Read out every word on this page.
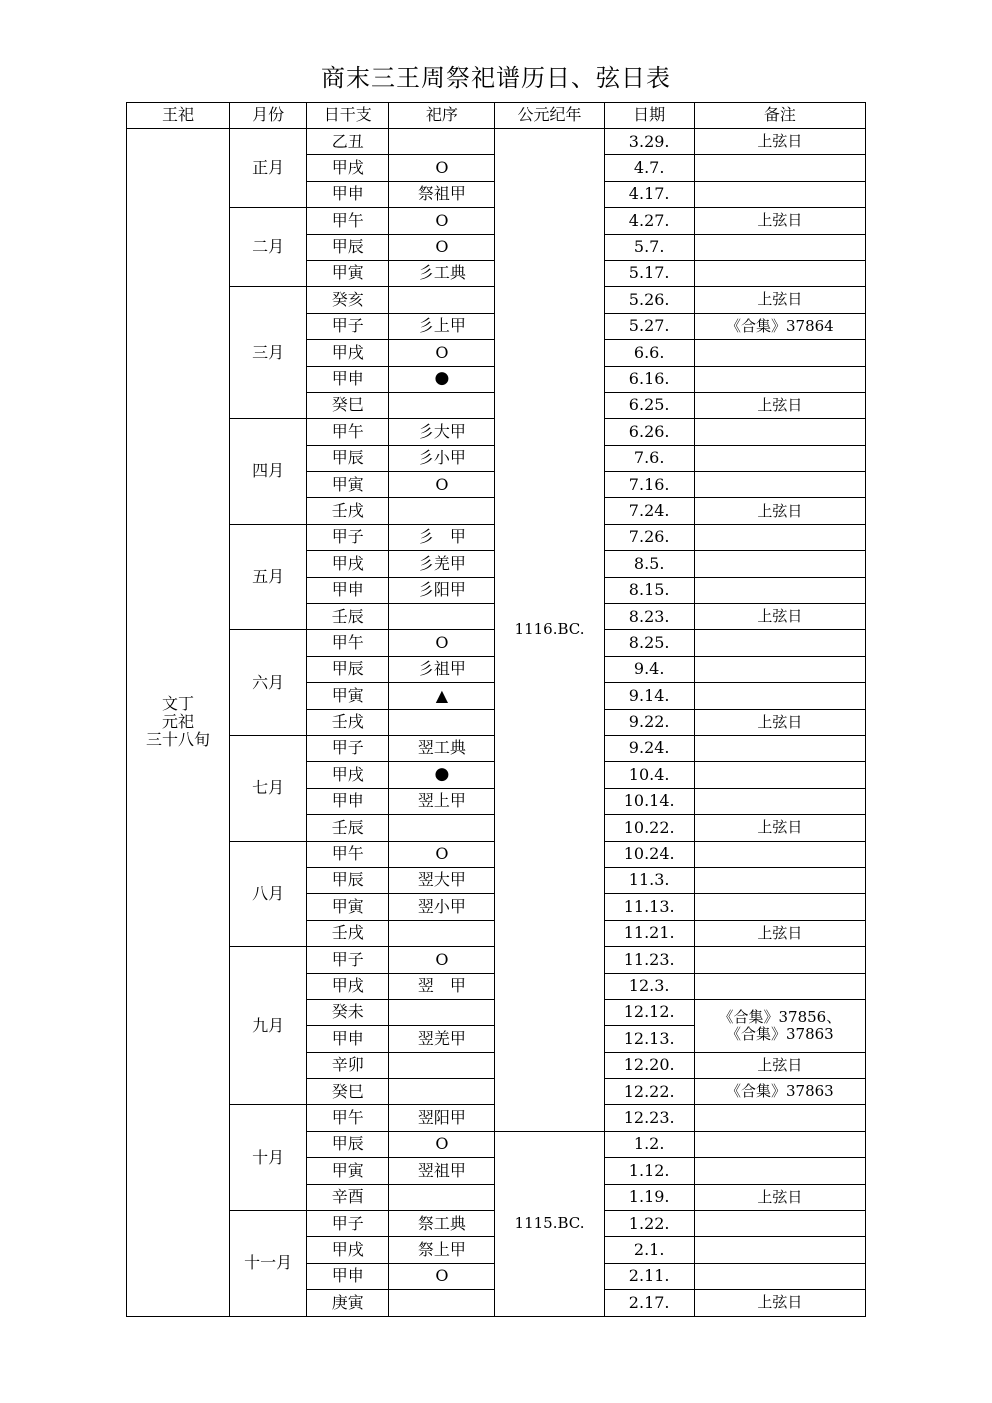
商末三王周祭祀谱历日、弦日表
王祀	月份	日干支	祀序	公元纪年	日期	备注
文丁
元祀
三十八旬	正月	乙丑		1116.BC.	3.29.	上弦日
		甲戌	O		4.7.	
		甲申	祭祖甲		4.17.	
	二月	甲午	O		4.27.	上弦日
		甲辰	O		5.7.	
		甲寅	彡工典		5.17.	
	三月	癸亥			5.26.	上弦日
		甲子	彡上甲		5.27.	《合集》37864
		甲戌	O		6.6.	
		甲申	●		6.16.	
		癸巳			6.25.	上弦日
	四月	甲午	彡大甲		6.26.	
		甲辰	彡小甲		7.6.	
		甲寅	O		7.16.	
		壬戌			7.24.	上弦日
	五月	甲子	彡　甲		7.26.	
		甲戌	彡羌甲		8.5.	
		甲申	彡阳甲		8.15.	
		壬辰			8.23.	上弦日
	六月	甲午	O		8.25.	
		甲辰	彡祖甲		9.4.	
		甲寅	▲		9.14.	
		壬戌			9.22.	上弦日
	七月	甲子	翌工典		9.24.	
		甲戌	●		10.4.	
		甲申	翌上甲		10.14.	
		壬辰			10.22.	上弦日
	八月	甲午	O		10.24.	
		甲辰	翌大甲		11.3.	
		甲寅	翌小甲		11.13.	
		壬戌			11.21.	上弦日
	九月	甲子	O		11.23.	
		甲戌	翌　甲		12.3.	
		癸未			12.12.	《合集》37856、
《合集》37863
		甲申	翌羌甲		12.13.	
		辛卯			12.20.	上弦日
		癸巳			12.22.	《合集》37863
	十月	甲午	翌阳甲		12.23.	
		甲辰	O	1115.BC.	1.2.	
		甲寅	翌祖甲		1.12.	
		辛酉			1.19.	上弦日
	十一月	甲子	祭工典		1.22.	
		甲戌	祭上甲		2.1.	
		甲申	O		2.11.	
		庚寅			2.17.	上弦日
